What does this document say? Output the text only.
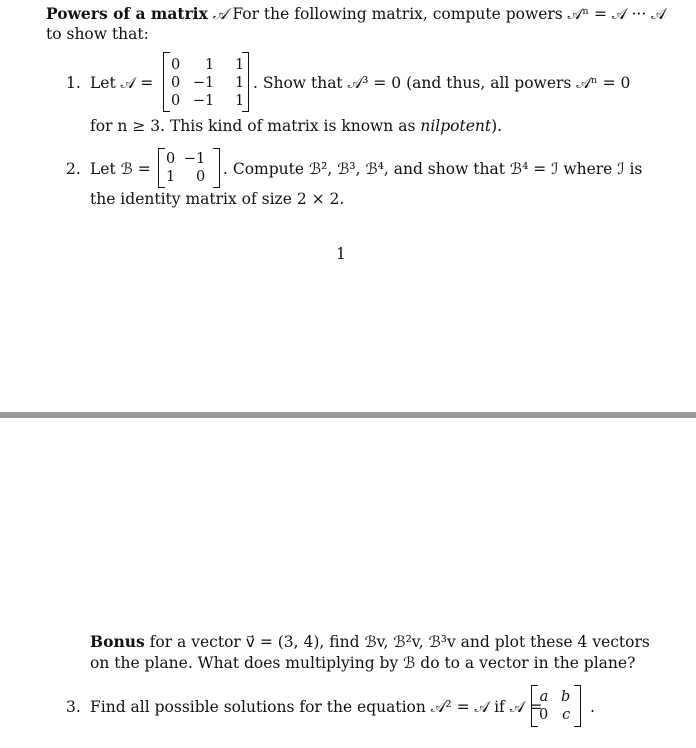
Powers of a matrix 𝒜 For the following matrix, compute powers 𝒜ⁿ = 𝒜 ··· 𝒜
to show that:
1. Let 𝒜 =
0	1	1
0	−1	1
0	−1	1
. Show that 𝒜³ = 0 (and thus, all powers 𝒜ⁿ = 0
for n ≥ 3. This kind of matrix is known as nilpotent).
2. Let ℬ =
0	−1
1	0 . Compute ℬ², ℬ³, ℬ⁴, and show that ℬ⁴ = ℐ where ℐ is
the identity matrix of size 2 × 2.
1
Bonus for a vector v⃗ = (3, 4), find ℬv, ℬ²v, ℬ³v and plot these 4 vectors
on the plane. What does multiplying by ℬ do to a vector in the plane?
3. Find all possible solutions for the equation 𝒜² = 𝒜 if 𝒜 =
a	b
0	c .
